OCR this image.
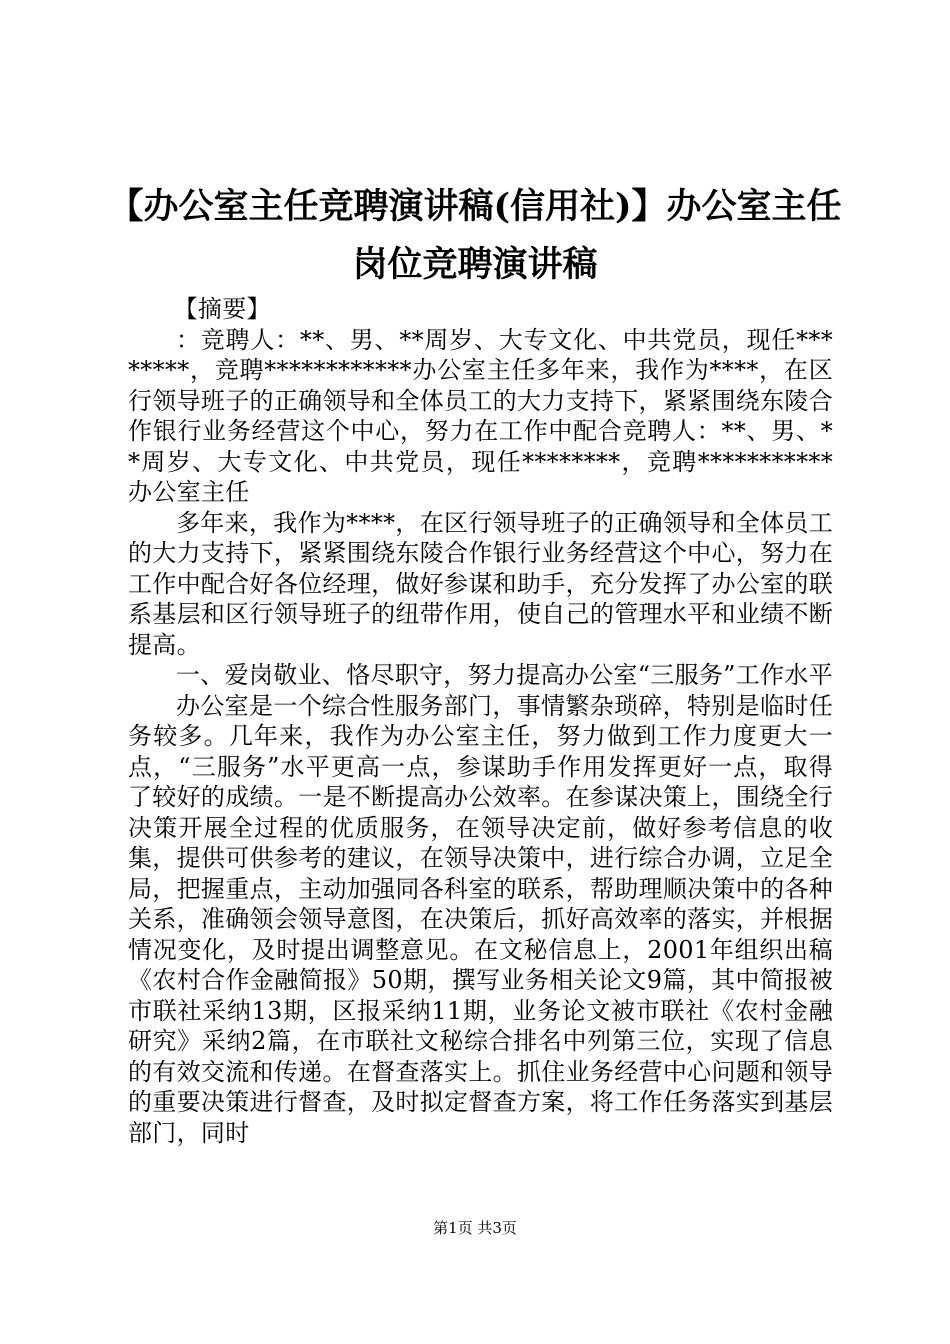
【办公室主任竞聘演讲稿(信用社)】办公室主任岗位竞聘演讲稿

【摘要】

：竞聘人：**、男、**周岁、大专文化、中共党员，现任********，竞聘************办公室主任多年来，我作为****，在区行领导班子的正确领导和全体员工的大力支持下，紧紧围绕东陵合作银行业务经营这个中心，努力在工作中配合竞聘人：**、男、**周岁、大专文化、中共党员，现任********，竞聘***********办公室主任

多年来，我作为****，在区行领导班子的正确领导和全体员工的大力支持下，紧紧围绕东陵合作银行业务经营这个中心，努力在工作中配合好各位经理，做好参谋和助手，充分发挥了办公室的联系基层和区行领导班子的纽带作用，使自己的管理水平和业绩不断提高。

一、爱岗敬业、恪尽职守，努力提高办公室“三服务”工作水平

办公室是一个综合性服务部门，事情繁杂琐碎，特别是临时任务较多。几年来，我作为办公室主任，努力做到工作力度更大一点，“三服务”水平更高一点，参谋助手作用发挥更好一点，取得了较好的成绩。一是不断提高办公效率。在参谋决策上，围绕全行决策开展全过程的优质服务，在领导决定前，做好参考信息的收集，提供可供参考的建议，在领导决策中，进行综合办调，立足全局，把握重点，主动加强同各科室的联系，帮助理顺决策中的各种关系，准确领会领导意图，在决策后，抓好高效率的落实，并根据情况变化，及时提出调整意见。在文秘信息上，2001年组织出稿《农村合作金融简报》50期，撰写业务相关论文9篇，其中简报被市联社采纳13期，区报采纳11期，业务论文被市联社《农村金融研究》采纳2篇，在市联社文秘综合排名中列第三位，实现了信息的有效交流和传递。在督查落实上。抓住业务经营中心问题和领导的重要决策进行督查，及时拟定督查方案，将工作任务落实到基层部门，同时

第1页 共3页
